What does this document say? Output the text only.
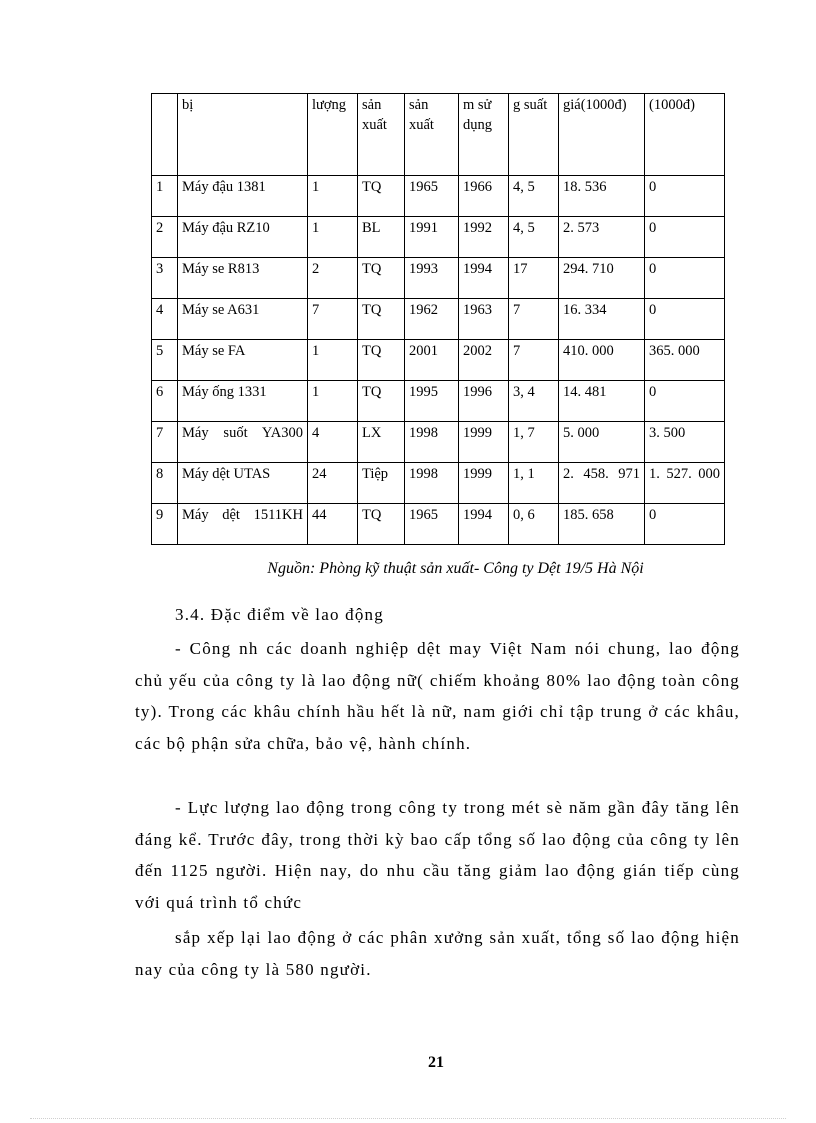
	bị	lượng	sản xuất	sản xuất	m sử dụng	g suất	giá(1000đ)	(1000đ)
1	Máy đậu 1381	1	TQ	1965	1966	4, 5	18. 536	0
2	Máy đậu RZ10	1	BL	1991	1992	4, 5	2. 573	0
3	Máy se R813	2	TQ	1993	1994	17	294. 710	0
4	Máy se A631	7	TQ	1962	1963	7	16. 334	0
5	Máy se FA	1	TQ	2001	2002	7	410. 000	365. 000
6	Máy ống 1331	1	TQ	1995	1996	3, 4	14. 481	0
7	Máy suốt YA300	4	LX	1998	1999	1, 7	5. 000	3. 500
8	Máy dệt UTAS	24	Tiệp	1998	1999	1, 1	2. 458. 971	1. 527. 000
9	Máy dệt 1511KH	44	TQ	1965	1994	0, 6	185. 658	0
Nguồn: Phòng kỹ thuật sản xuất- Công ty Dệt 19/5 Hà Nội
3.4. Đặc điểm về lao động

- Công nh các doanh nghiệp dệt may Việt Nam nói chung, lao động chủ yếu của công ty là lao động nữ( chiếm khoảng 80% lao động toàn công ty). Trong các khâu chính hầu hết là nữ, nam giới chỉ tập trung ở các khâu, các bộ phận sửa chữa, bảo vệ, hành chính.

- Lực lượng lao động trong công ty trong mét sè năm gần đây tăng lên đáng kể. Trước đây, trong thời kỳ bao cấp tổng số lao động của công ty lên đến 1125 người. Hiện nay, do nhu cầu tăng giảm lao động gián tiếp cùng với quá trình tổ chức

sắp xếp lại lao động ở các phân xưởng sản xuất, tổng số lao động hiện nay của công ty là 580 người.

21
